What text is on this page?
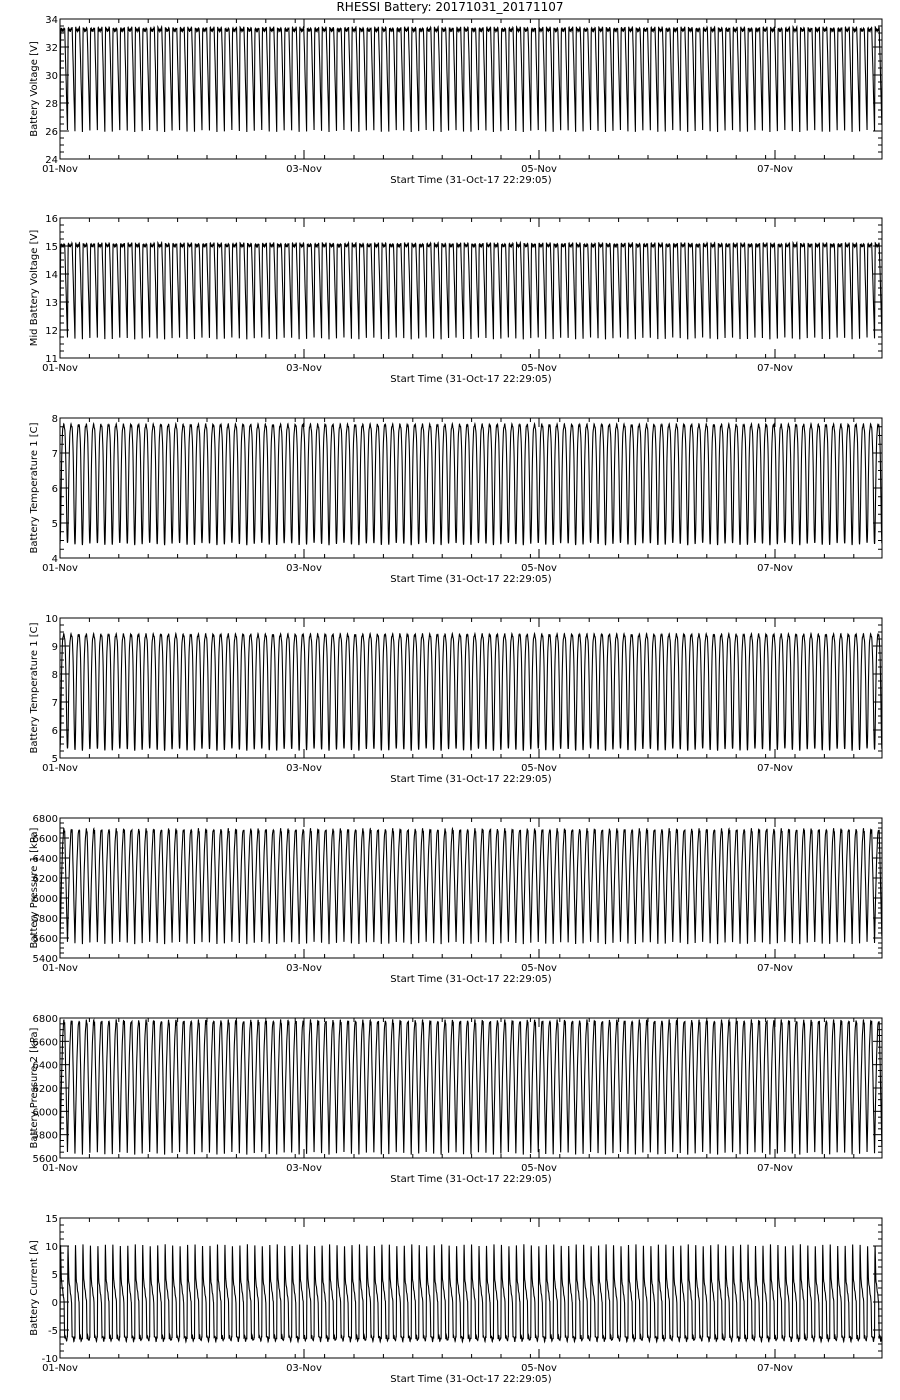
RHESSI Battery: 20171031_20171107
24
26
28
30
32
34
01-Nov	03-Nov	05-Nov	07-Nov
Start Time (31-Oct-17 22:29:05)
Battery Voltage [V]
11
12
13
14
15
16
01-Nov	03-Nov	05-Nov	07-Nov
Start Time (31-Oct-17 22:29:05)
Mid Battery Voltage [V]
4
5
6
7
8
01-Nov	03-Nov	05-Nov	07-Nov
Start Time (31-Oct-17 22:29:05)
Battery Temperature 1 [C]
5
6
7
8
9
10
01-Nov	03-Nov	05-Nov	07-Nov
Start Time (31-Oct-17 22:29:05)
Battery Temperature 1 [C]
5400
5600
5800
6000
6200
6400
6600
6800
01-Nov	03-Nov	05-Nov	07-Nov
Start Time (31-Oct-17 22:29:05)
Battery Pressure 1 [kPa]
5600
5800
6000
6200
6400
6600
6800
01-Nov	03-Nov	05-Nov	07-Nov
Start Time (31-Oct-17 22:29:05)
Battery Pressure 2 [kPa]
-10
-5
0
5
10
15
01-Nov	03-Nov	05-Nov	07-Nov
Start Time (31-Oct-17 22:29:05)
Battery Current [A]
